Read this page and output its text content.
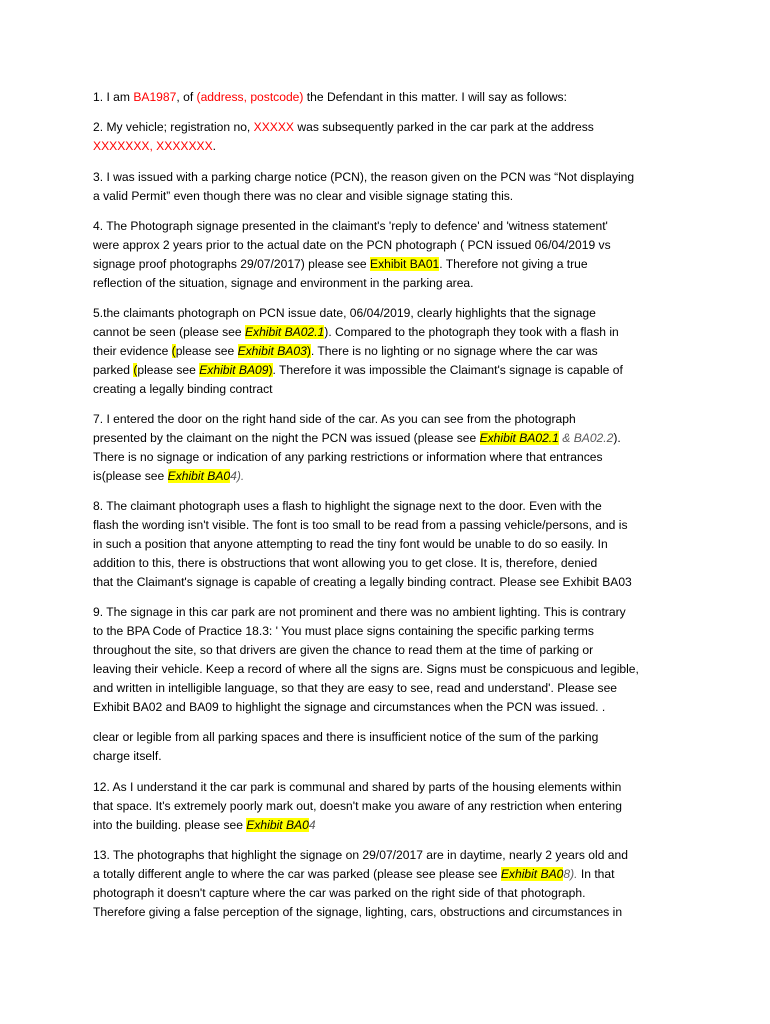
1. I am BA1987, of (address, postcode) the Defendant in this matter. I will say as follows:

2. My vehicle; registration no, XXXXX was subsequently parked in the car park at the address
XXXXXXX, XXXXXXX.

3. I was issued with a parking charge notice (PCN), the reason given on the PCN was “Not displaying
a valid Permit” even though there was no clear and visible signage stating this.

4. The Photograph signage presented in the claimant's 'reply to defence' and 'witness statement'
were approx 2 years prior to the actual date on the PCN photograph ( PCN issued 06/04/2019 vs
signage proof photographs 29/07/2017) please see Exhibit BA01. Therefore not giving a true
reflection of the situation, signage and environment in the parking area.

5.the claimants photograph on PCN issue date, 06/04/2019, clearly highlights that the signage
cannot be seen (please see Exhibit BA02.1). Compared to the photograph they took with a flash in
their evidence (please see Exhibit BA03). There is no lighting or no signage where the car was
parked (please see Exhibit BA09). Therefore it was impossible the Claimant's signage is capable of
creating a legally binding contract

7. I entered the door on the right hand side of the car. As you can see from the photograph
presented by the claimant on the night the PCN was issued (please see Exhibit BA02.1 & BA02.2).
There is no signage or indication of any parking restrictions or information where that entrances
is(please see Exhibit BA04).

8. The claimant photograph uses a flash to highlight the signage next to the door. Even with the
flash the wording isn't visible. The font is too small to be read from a passing vehicle/persons, and is
in such a position that anyone attempting to read the tiny font would be unable to do so easily. In
addition to this, there is obstructions that wont allowing you to get close. It is, therefore, denied
that the Claimant's signage is capable of creating a legally binding contract. Please see Exhibit BA03

9. The signage in this car park are not prominent and there was no ambient lighting. This is contrary
to the BPA Code of Practice 18.3: ' You must place signs containing the specific parking terms
throughout the site, so that drivers are given the chance to read them at the time of parking or
leaving their vehicle. Keep a record of where all the signs are. Signs must be conspicuous and legible,
and written in intelligible language, so that they are easy to see, read and understand'. Please see
Exhibit BA02 and BA09 to highlight the signage and circumstances when the PCN was issued. .

clear or legible from all parking spaces and there is insufficient notice of the sum of the parking
charge itself.

12. As I understand it the car park is communal and shared by parts of the housing elements within
that space. It's extremely poorly mark out, doesn't make you aware of any restriction when entering
into the building. please see Exhibit BA04

13. The photographs that highlight the signage on 29/07/2017 are in daytime, nearly 2 years old and
a totally different angle to where the car was parked (please see please see Exhibit BA08). In that
photograph it doesn't capture where the car was parked on the right side of that photograph.
Therefore giving a false perception of the signage, lighting, cars, obstructions and circumstances in
